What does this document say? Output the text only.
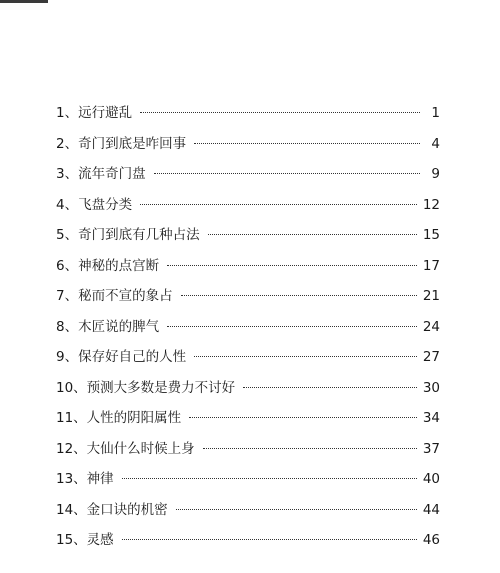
1、远行避乱	1
2、奇门到底是咋回事	4
3、流年奇门盘	9
4、飞盘分类	12
5、奇门到底有几种占法	15
6、神秘的点宫断	17
7、秘而不宣的象占	21
8、木匠说的脾气	24
9、保存好自己的人性	27
10、预测大多数是费力不讨好	30
11、人性的阴阳属性	34
12、大仙什么时候上身	37
13、神律	40
14、金口诀的机密	44
15、灵感	46
